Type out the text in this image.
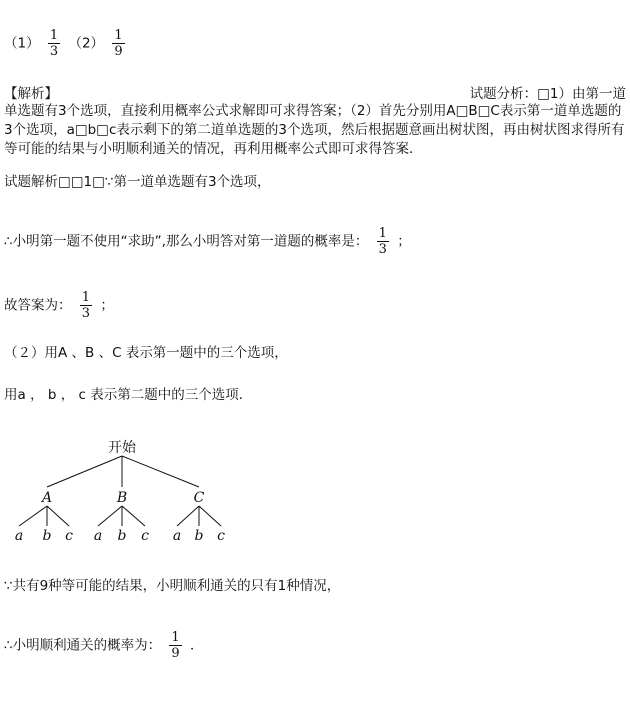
$(1) \frac{1}{3} (2) \frac{1}{9}$
【解析】	试题分析：□1）由第一道
单选题有3个选项，直接利用概率公式求解即可求得答案；（2）首先分别用A□B□C表示第一道单选题的3个选项，a□b□c表示剩下的第二道单选题的3个选项，然后根据题意画出树状图，再由树状图求得所有等可能的结果与小明顺利通关的情况，再利用概率公式即可求得答案．
试题解析□□1□∵第一道单选题有3个选项，
∴小明第一题不使用“求助”,那么小明答对第一道题的概率是： $\frac{1}{3}$ ；
故答案为： $\frac{1}{3}$ ；
（２）用A 、B 、C 表示第一题中的三个选项，
用a ， b ， c 表示第二题中的三个选项．
开始
A	B	C
a b c a b c a b c
∵共有9种等可能的结果，小明顺利通关的只有1种情况，
∴小明顺利通关的概率为： $\frac{1}{9}$ ．
